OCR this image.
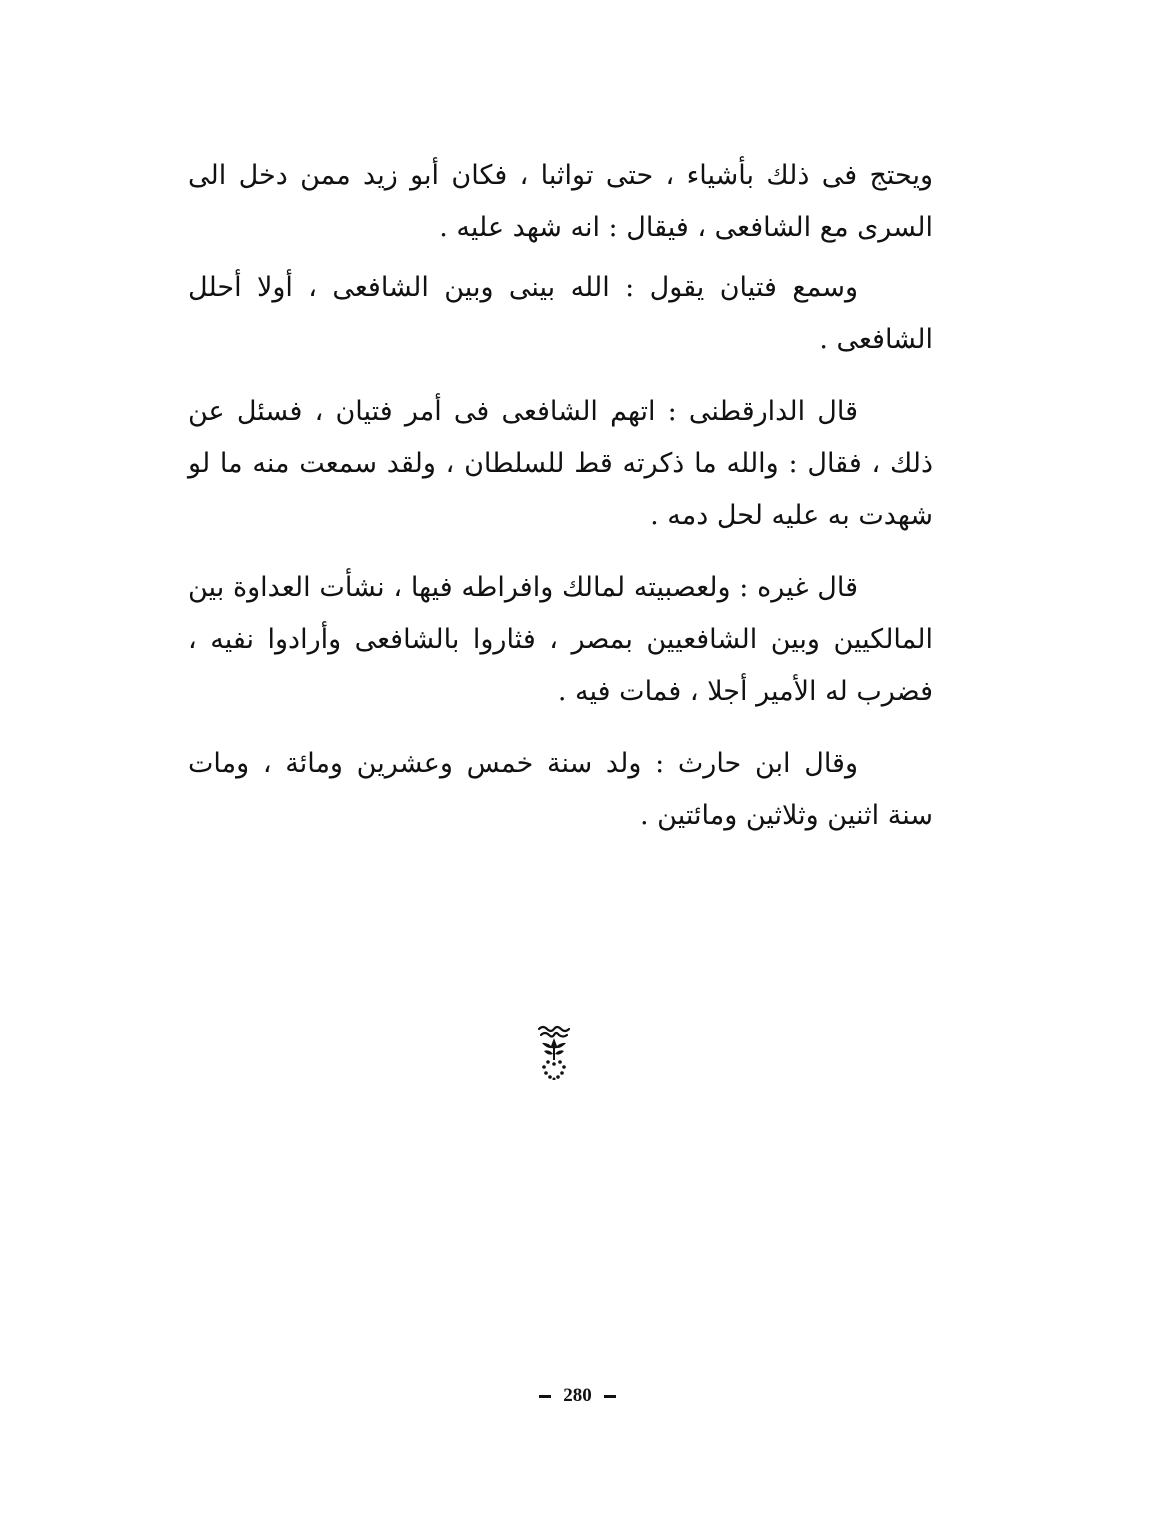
ويحتج فى ذلك بأشياء ، حتى تواثبا ، فكان أبو زيد ممن دخل الى السرى مع الشافعى ، فيقال : انه شهد عليه .

وسمع فتيان يقول : الله بينى وبين الشافعى ، أولا أحلل الشافعى .

قال الدارقطنى : اتهم الشافعى فى أمر فتيان ، فسئل عن ذلك ، فقال : والله ما ذكرته قط للسلطان ، ولقد سمعت منه ما لو شهدت به عليه لحل دمه .

قال غيره : ولعصبيته لمالك وافراطه فيها ، نشأت العداوة بين المالكيين وبين الشافعيين بمصر ، فثاروا بالشافعى وأرادوا نفيه ، فضرب له الأمير أجلا ، فمات فيه .

وقال ابن حارث : ولد سنة خمس وعشرين ومائة ، ومات سنة اثنين وثلاثين ومائتين .

280
